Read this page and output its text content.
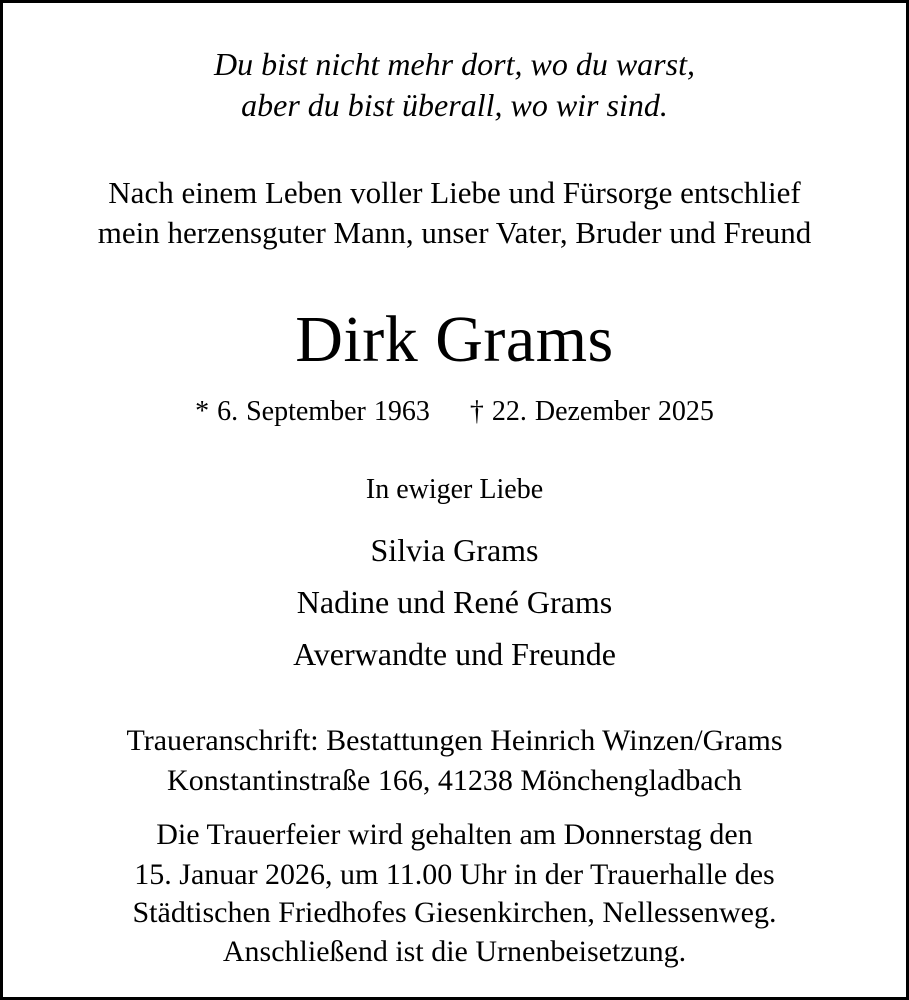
Du bist nicht mehr dort, wo du warst,
aber du bist überall, wo wir sind.
Nach einem Leben voller Liebe und Fürsorge entschlief
mein herzensguter Mann, unser Vater, Bruder und Freund
Dirk Grams
* 6. September 1963 † 22. Dezember 2025
In ewiger Liebe
Silvia Grams
Nadine und René Grams
Averwandte und Freunde
Traueranschrift: Bestattungen Heinrich Winzen/Grams
Konstantinstraße 166, 41238 Mönchengladbach
Die Trauerfeier wird gehalten am Donnerstag den
15. Januar 2026, um 11.00 Uhr in der Trauerhalle des
Städtischen Friedhofes Giesenkirchen, Nellessenweg.
Anschließend ist die Urnenbeisetzung.
